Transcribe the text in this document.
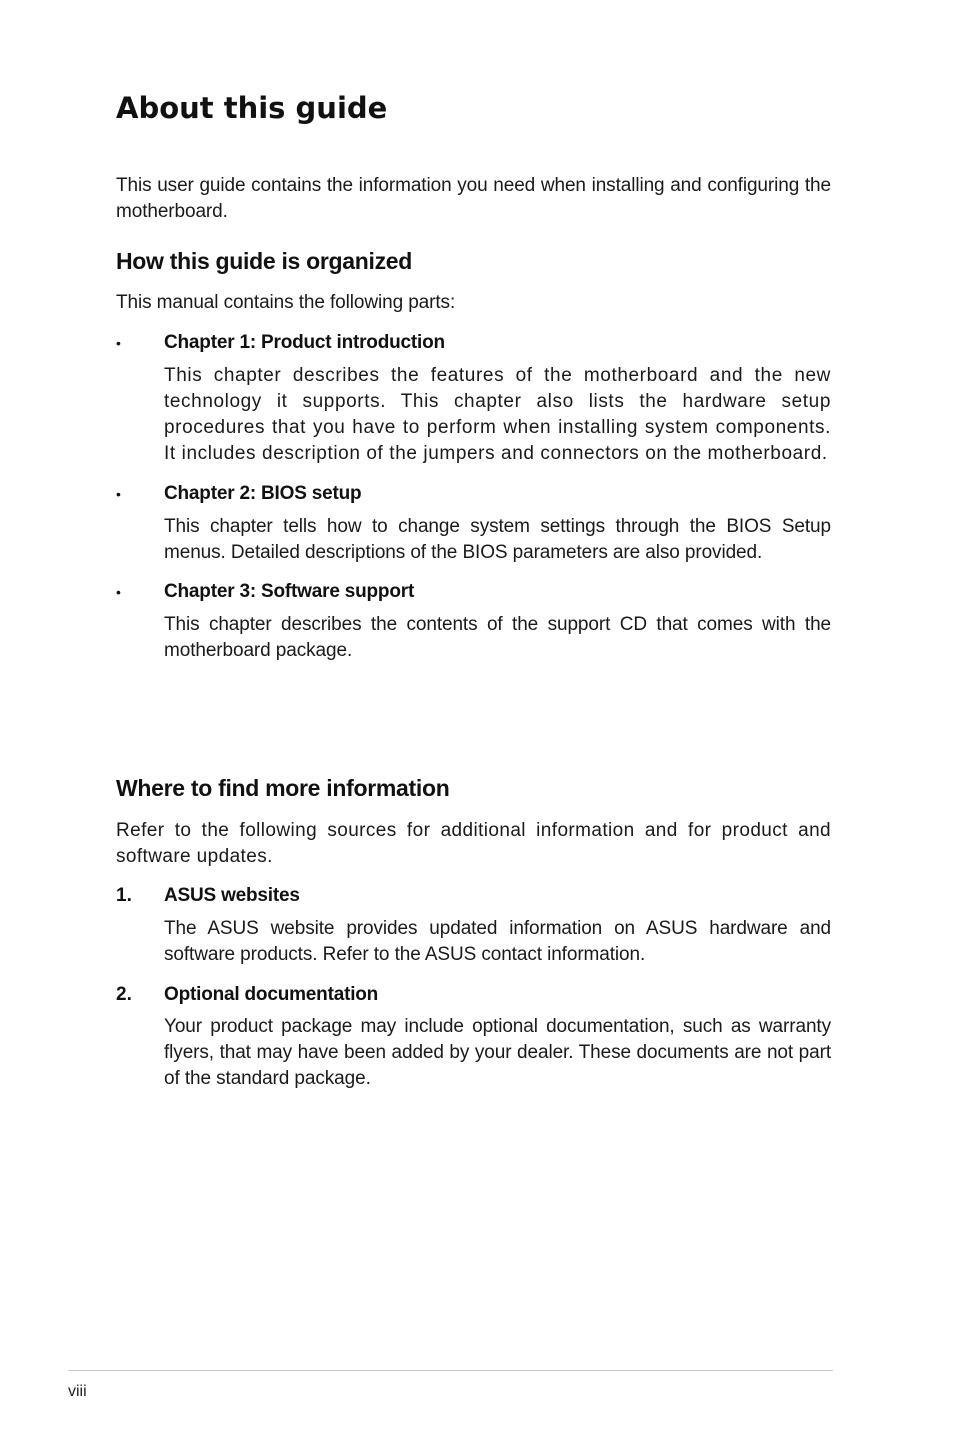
About this guide

This user guide contains the information you need when installing and configuring the motherboard.

How this guide is organized

This manual contains the following parts:

• Chapter 1: Product introduction

This chapter describes the features of the motherboard and the new technology it supports. This chapter also lists the hardware setup procedures that you have to perform when installing system components. It includes description of the jumpers and connectors on the motherboard.

• Chapter 2: BIOS setup

This chapter tells how to change system settings through the BIOS Setup menus. Detailed descriptions of the BIOS parameters are also provided.

• Chapter 3: Software support

This chapter describes the contents of the support CD that comes with the motherboard package.

Where to find more information

Refer to the following sources for additional information and for product and software updates.

1. ASUS websites

The ASUS website provides updated information on ASUS hardware and software products. Refer to the ASUS contact information.

2. Optional documentation

Your product package may include optional documentation, such as warranty flyers, that may have been added by your dealer. These documents are not part of the standard package.

viii
